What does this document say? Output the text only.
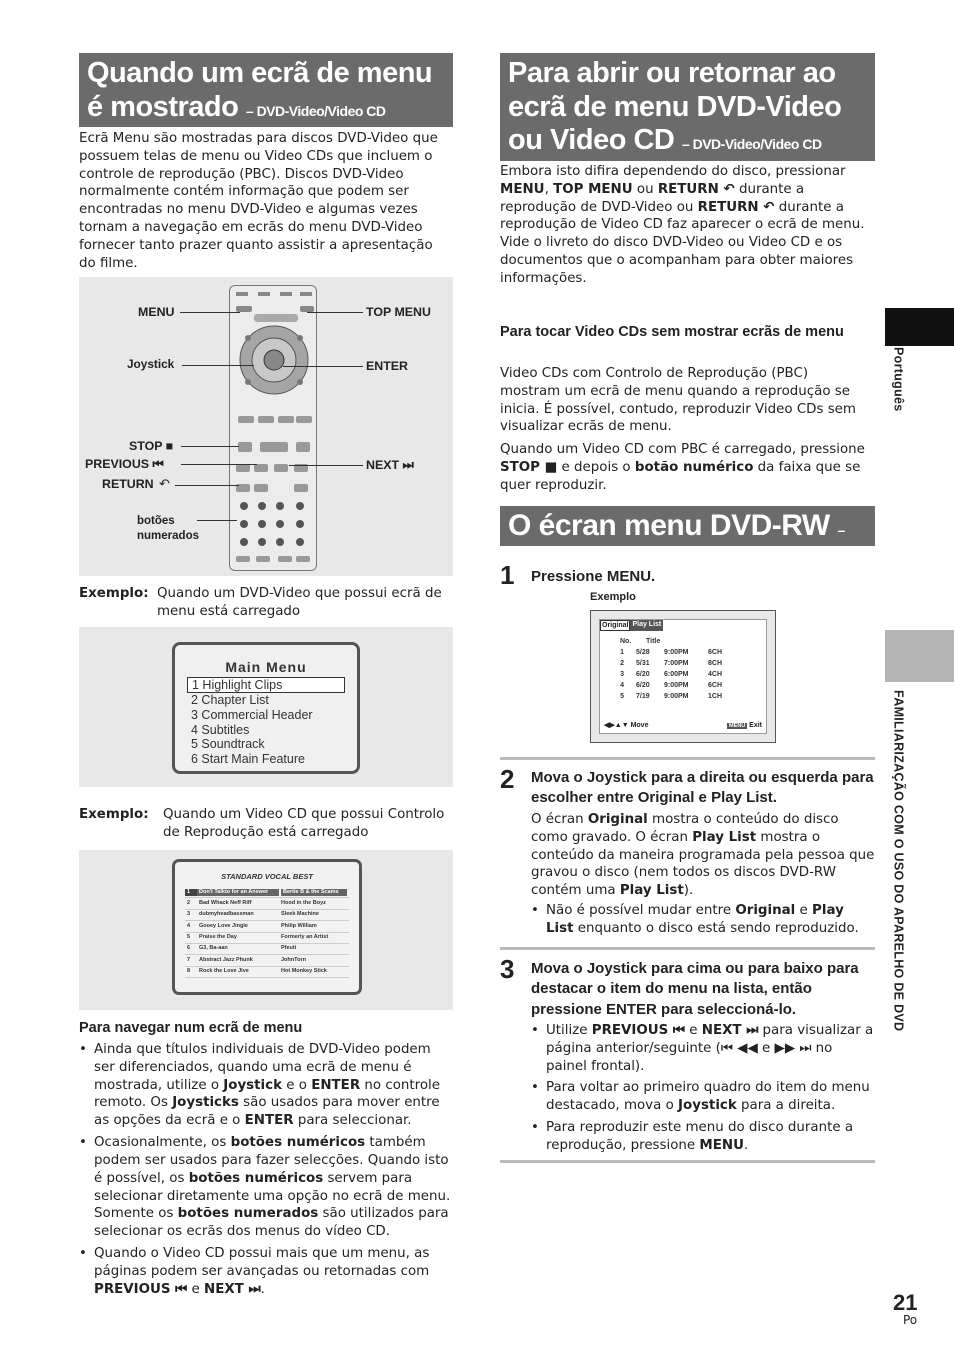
Quando um ecrã de menu é mostrado – DVD-Video/Video CD

Ecrã Menu são mostradas para discos DVD-Video que possuem telas de menu ou Video CDs que incluem o controle de reprodução (PBC). Discos DVD-Video normalmente contém informação que podem ser encontradas no menu DVD-Video e algumas vezes tornam a navegação em ecrãs do menu DVD-Video fornecer tanto prazer quanto assistir a apresentação do filme.

MENU	TOP MENU
Joystick	ENTER
STOP ■
PREVIOUS ⏮	NEXT ⏭
RETURN ↶
botões
numerados
Exemplo: Quando um DVD-Video que possui ecrã de menu está carregado
Main Menu
1 Highlight Clips
2 Chapter List
3 Commercial Header
4 Subtitles
5 Soundtrack
6 Start Main Feature
Exemplo: Quando um Video CD que possui Controlo de Reprodução está carregado
STANDARD VOCAL BEST
1	Don't Talkto for an Answer	Bertie B & the Scams
2	Bad Whack Neff Riff	Hood in the Boyz
3	dubmyheadbassman	Sleek Machine
4	Gooey Love Jingle	Philip William
5	Praise the Day	Formerly an Artist
6	G3, Ba-aan	Pfeuti
7	Abstract Jazz Phunk	JohnTorn
8	Rock the Love Jive	Hot Monkey Stick
Para navegar num ecrã de menu
• Ainda que títulos individuais de DVD-Video podem ser diferenciados, quando uma ecrã de menu é mostrada, utilize o Joystick e o ENTER no controle remoto. Os Joysticks são usados para mover entre as opções da ecrã e o ENTER para seleccionar.
• Ocasionalmente, os botões numéricos também podem ser usados para fazer selecções. Quando isto é possível, os botões numéricos servem para selecionar diretamente uma opção no ecrã de menu. Somente os botões numerados são utilizados para selecionar os ecrãs dos menus do vídeo CD.
• Quando o Video CD possui mais que um menu, as páginas podem ser avançadas ou retornadas com PREVIOUS ⏮ e NEXT ⏭.
Para abrir ou retornar ao ecrã de menu DVD-Video ou Video CD – DVD-Video/Video CD

Embora isto difira dependendo do disco, pressionar MENU, TOP MENU ou RETURN ↶ durante a reprodução de DVD-Video ou RETURN ↶ durante a reprodução de Video CD faz aparecer o ecrã de menu. Vide o livreto do disco DVD-Video ou Video CD e os documentos que o acompanham para obter maiores informações.

Para tocar Video CDs sem mostrar ecrãs de menu

Video CDs com Controlo de Reprodução (PBC) mostram um ecrã de menu quando a reprodução se inicia. É possível, contudo, reproduzir Video CDs sem visualizar ecrãs de menu.

Quando um Video CD com PBC é carregado, pressione STOP ■ e depois o botão numérico da faixa que se quer reproduzir.

O écran menu DVD-RW – DVD-RW
1 Pressione MENU.
Exemplo
Original Play List
No.	Title
1	5/28	9:00PM	6CH
2	5/31	7:00PM	8CH
3	6/20	6:00PM	4CH
4	6/20	9:00PM	6CH
5	7/19	9:00PM	1CH
◀▶▲▼ Move	MENU Exit
2 Mova o Joystick para a direita ou esquerda para escolher entre Original e Play List.

O écran Original mostra o conteúdo do disco como gravado. O écran Play List mostra o conteúdo da maneira programada pela pessoa que gravou o disco (nem todos os discos DVD-RW contém uma Play List).

• Não é possível mudar entre Original e Play List enquanto o disco está sendo reproduzido.
3 Mova o Joystick para cima ou para baixo para destacar o item do menu na lista, então pressione ENTER para seleccioná-lo.
• Utilize PREVIOUS ⏮ e NEXT ⏭ para visualizar a página anterior/seguinte (⏮ ◀◀ e ▶▶ ⏭ no painel frontal).
• Para voltar ao primeiro quadro do item do menu destacado, mova o Joystick para a direita.
• Para reproduzir este menu do disco durante a reprodução, pressione MENU.
Português
FAMILIARIZAÇÃO COM O USO DO APARELHO DE DVD
21
Po
